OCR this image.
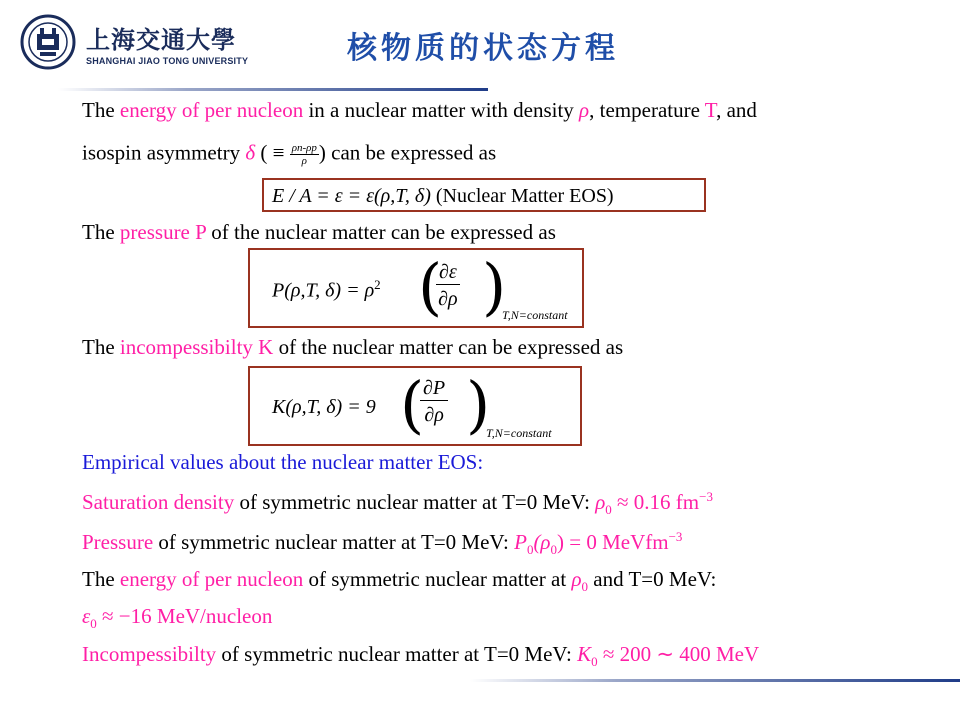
上海交通大學
SHANGHAI JIAO TONG UNIVERSITY	核物质的状态方程
The energy of per nucleon in a nuclear matter with density ρ, temperature T, and
isospin asymmetry δ ( ≡ $\frac{\rho n-\rho p}{\rho}$ ) can be expressed as
E / A = ε = ε(ρ,T, δ) (Nuclear Matter EOS)
The pressure P of the nuclear matter can be expressed as
P(ρ,T, $\delta) = \rho^2$ (
$\frac{\partial\varepsilon}{\partial\rho}$ )
T,N=constant
The incompessibilty K of the nuclear matter can be expressed as
K(ρ,T, δ) = 9 (
$\frac{\partial P}{\partial\rho}$ )
T,N=constant
Empirical values about the nuclear matter EOS:
Saturation density of symmetric nuclear matter at T=0 MeV: $\rho_0 \approx 0.16$ $fm^{-3}$
Pressure of symmetric nuclear matter at T=0 MeV: $P_0(\rho_0) = 0$ MeVfm$^{-3}$
The energy of per nucleon of symmetric nuclear matter at $\rho_0$ and T=0 MeV:
$\varepsilon_0 \approx -16$ MeV/nucleon
Incompessibilty of symmetric nuclear matter at T=0 MeV: $K_0 \approx 200$ ∼ 400 MeV
